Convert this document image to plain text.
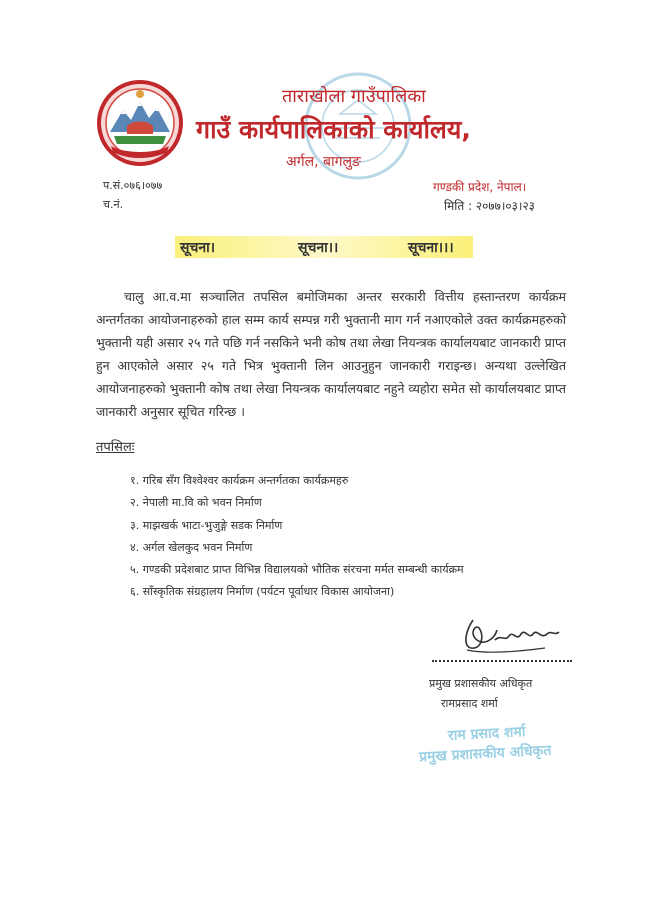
ताराखोला गाउँपालिका
गाउँ कार्यपालिकाको कार्यालय,
अर्गल, बागलुङ
प.सं.०७६।०७७
च.नं.
गण्डकी प्रदेश, नेपाल।
मिति : २०७७।०३।२३
सूचना।	सूचना।।	सूचना।।।

चालु आ.व.मा सञ्चालित तपसिल बमोजिमका अन्तर सरकारी वित्तीय हस्तान्तरण कार्यक्रम अन्तर्गतका आयोजनाहरुको हाल सम्म कार्य सम्पन्न गरी भुक्तानी माग गर्न नआएकोले उक्त कार्यक्रमहरुको भुक्तानी यही असार २५ गते पछि गर्न नसकिने भनी कोष तथा लेखा नियन्त्रक कार्यालयबाट जानकारी प्राप्त हुन आएकोले असार २५ गते भित्र भुक्तानी लिन आउनुहुन जानकारी गराइन्छ। अन्यथा उल्लेखित आयोजनाहरुको भुक्तानी कोष तथा लेखा नियन्त्रक कार्यालयबाट नहुने व्यहोरा समेत सो कार्यालयबाट प्राप्त जानकारी अनुसार सूचित गरिन्छ ।

तपसिलः
१. गरिब सँग विश्वेश्वर कार्यक्रम अन्तर्गतका कार्यक्रमहरु
२. नेपाली मा.वि को भवन निर्माण
३. माझखर्क भाटा-भुजुङ्गे सडक निर्माण
४. अर्गल खेलकुद भवन निर्माण
५. गण्डकी प्रदेशबाट प्राप्त विभिन्न विद्यालयको भौतिक संरचना मर्मत सम्बन्धी कार्यक्रम
६. साँस्कृतिक संग्रहालय निर्माण (पर्यटन पूर्वाधार विकास आयोजना)
प्रमुख प्रशासकीय अधिकृत
रामप्रसाद शर्मा
राम प्रसाद शर्मा
प्रमुख प्रशासकीय अधिकृत
